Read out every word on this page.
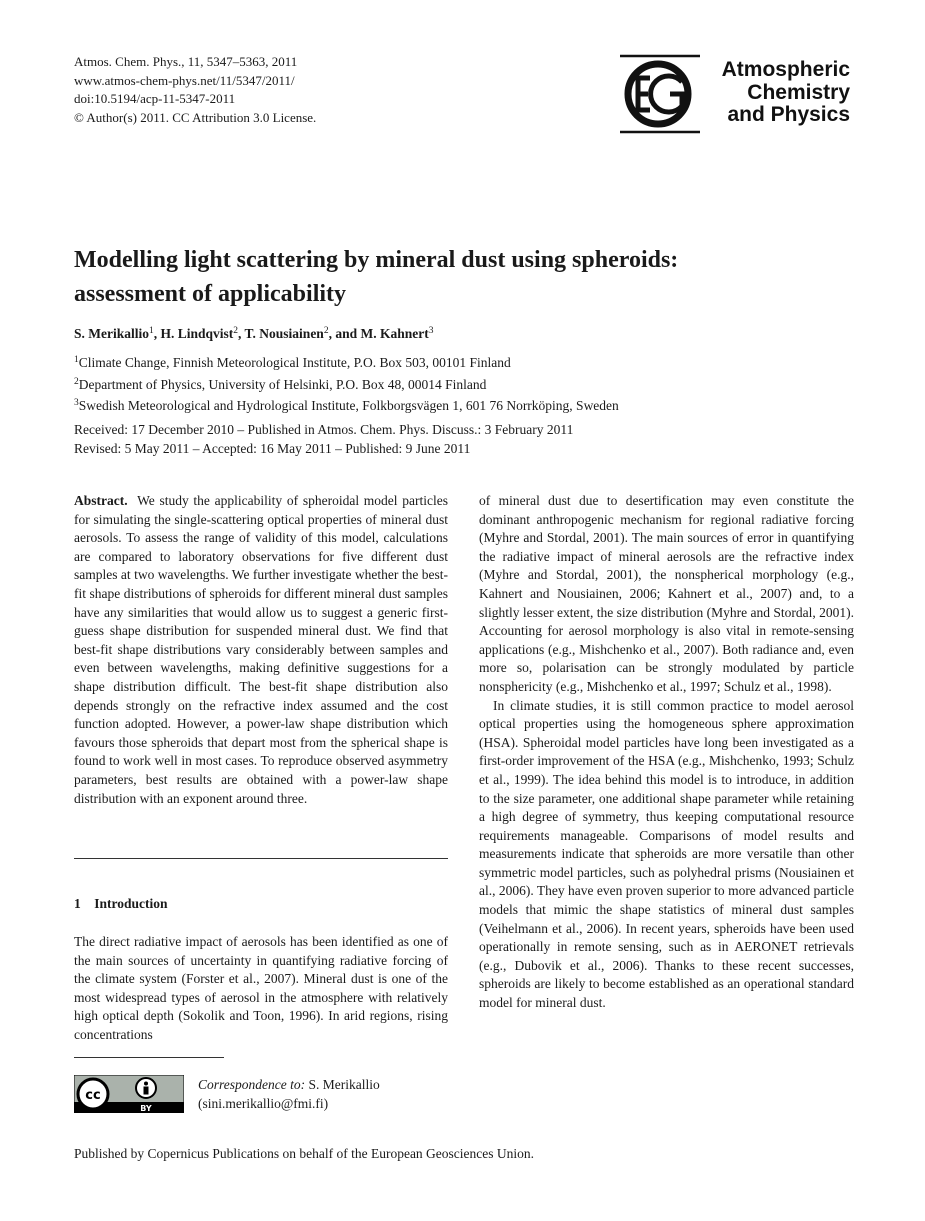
Atmos. Chem. Phys., 11, 5347–5363, 2011
www.atmos-chem-phys.net/11/5347/2011/
doi:10.5194/acp-11-5347-2011
© Author(s) 2011. CC Attribution 3.0 License.
Atmospheric
Chemistry
and Physics
Modelling light scattering by mineral dust using spheroids:
assessment of applicability
S. Merikallio$^1$, H. Lindqvist$^2$, T. Nousiainen$^2$, and M. Kahnert$^3$
$^1$Climate Change, Finnish Meteorological Institute, P.O. Box 503, 00101 Finland
$^2$Department of Physics, University of Helsinki, P.O. Box 48, 00014 Finland
$^3$Swedish Meteorological and Hydrological Institute, Folkborgsvägen 1, 601 76 Norrköping, Sweden
Received: 17 December 2010 – Published in Atmos. Chem. Phys. Discuss.: 3 February 2011
Revised: 5 May 2011 – Accepted: 16 May 2011 – Published: 9 June 2011

Abstract. We study the applicability of spheroidal model particles for simulating the single-scattering optical properties of mineral dust aerosols. To assess the range of validity of this model, calculations are compared to laboratory observations for five different dust samples at two wavelengths. We further investigate whether the best-fit shape distributions of spheroids for different mineral dust samples have any similarities that would allow us to suggest a generic first-guess shape distribution for suspended mineral dust. We find that best-fit shape distributions vary considerably between samples and even between wavelengths, making definitive suggestions for a shape distribution difficult. The best-fit shape distribution also depends strongly on the refractive index assumed and the cost function adopted. However, a power-law shape distribution which favours those spheroids that depart most from the spherical shape is found to work well in most cases. To reproduce observed asymmetry parameters, best results are obtained with a power-law shape distribution with an exponent around three.

1 Introduction

The direct radiative impact of aerosols has been identified as one of the main sources of uncertainty in quantifying radiative forcing of the climate system (Forster et al., 2007). Mineral dust is one of the most widespread types of aerosol in the atmosphere with relatively high optical depth (Sokolik and Toon, 1996). In arid regions, rising concentrations

cc
BY
Correspondence to: S. Merikallio
(sini.merikallio@fmi.fi)

of mineral dust due to desertification may even constitute the dominant anthropogenic mechanism for regional radiative forcing (Myhre and Stordal, 2001). The main sources of error in quantifying the radiative impact of mineral aerosols are the refractive index (Myhre and Stordal, 2001), the nonspherical morphology (e.g., Kahnert and Nousiainen, 2006; Kahnert et al., 2007) and, to a slightly lesser extent, the size distribution (Myhre and Stordal, 2001). Accounting for aerosol morphology is also vital in remote-sensing applications (e.g., Mishchenko et al., 2007). Both radiance and, even more so, polarisation can be strongly modulated by particle nonsphericity (e.g., Mishchenko et al., 1997; Schulz et al., 1998).

In climate studies, it is still common practice to model aerosol optical properties using the homogeneous sphere approximation (HSA). Spheroidal model particles have long been investigated as a first-order improvement of the HSA (e.g., Mishchenko, 1993; Schulz et al., 1999). The idea behind this model is to introduce, in addition to the size parameter, one additional shape parameter while retaining a high degree of symmetry, thus keeping computational resource requirements manageable. Comparisons of model results and measurements indicate that spheroids are more versatile than other symmetric model particles, such as polyhedral prisms (Nousiainen et al., 2006). They have even proven superior to more advanced particle models that mimic the shape statistics of mineral dust samples (Veihelmann et al., 2006). In recent years, spheroids have been used operationally in remote sensing, such as in AERONET retrievals (e.g., Dubovik et al., 2006). Thanks to these recent successes, spheroids are likely to become established as an operational standard model for mineral dust.

Published by Copernicus Publications on behalf of the European Geosciences Union.
